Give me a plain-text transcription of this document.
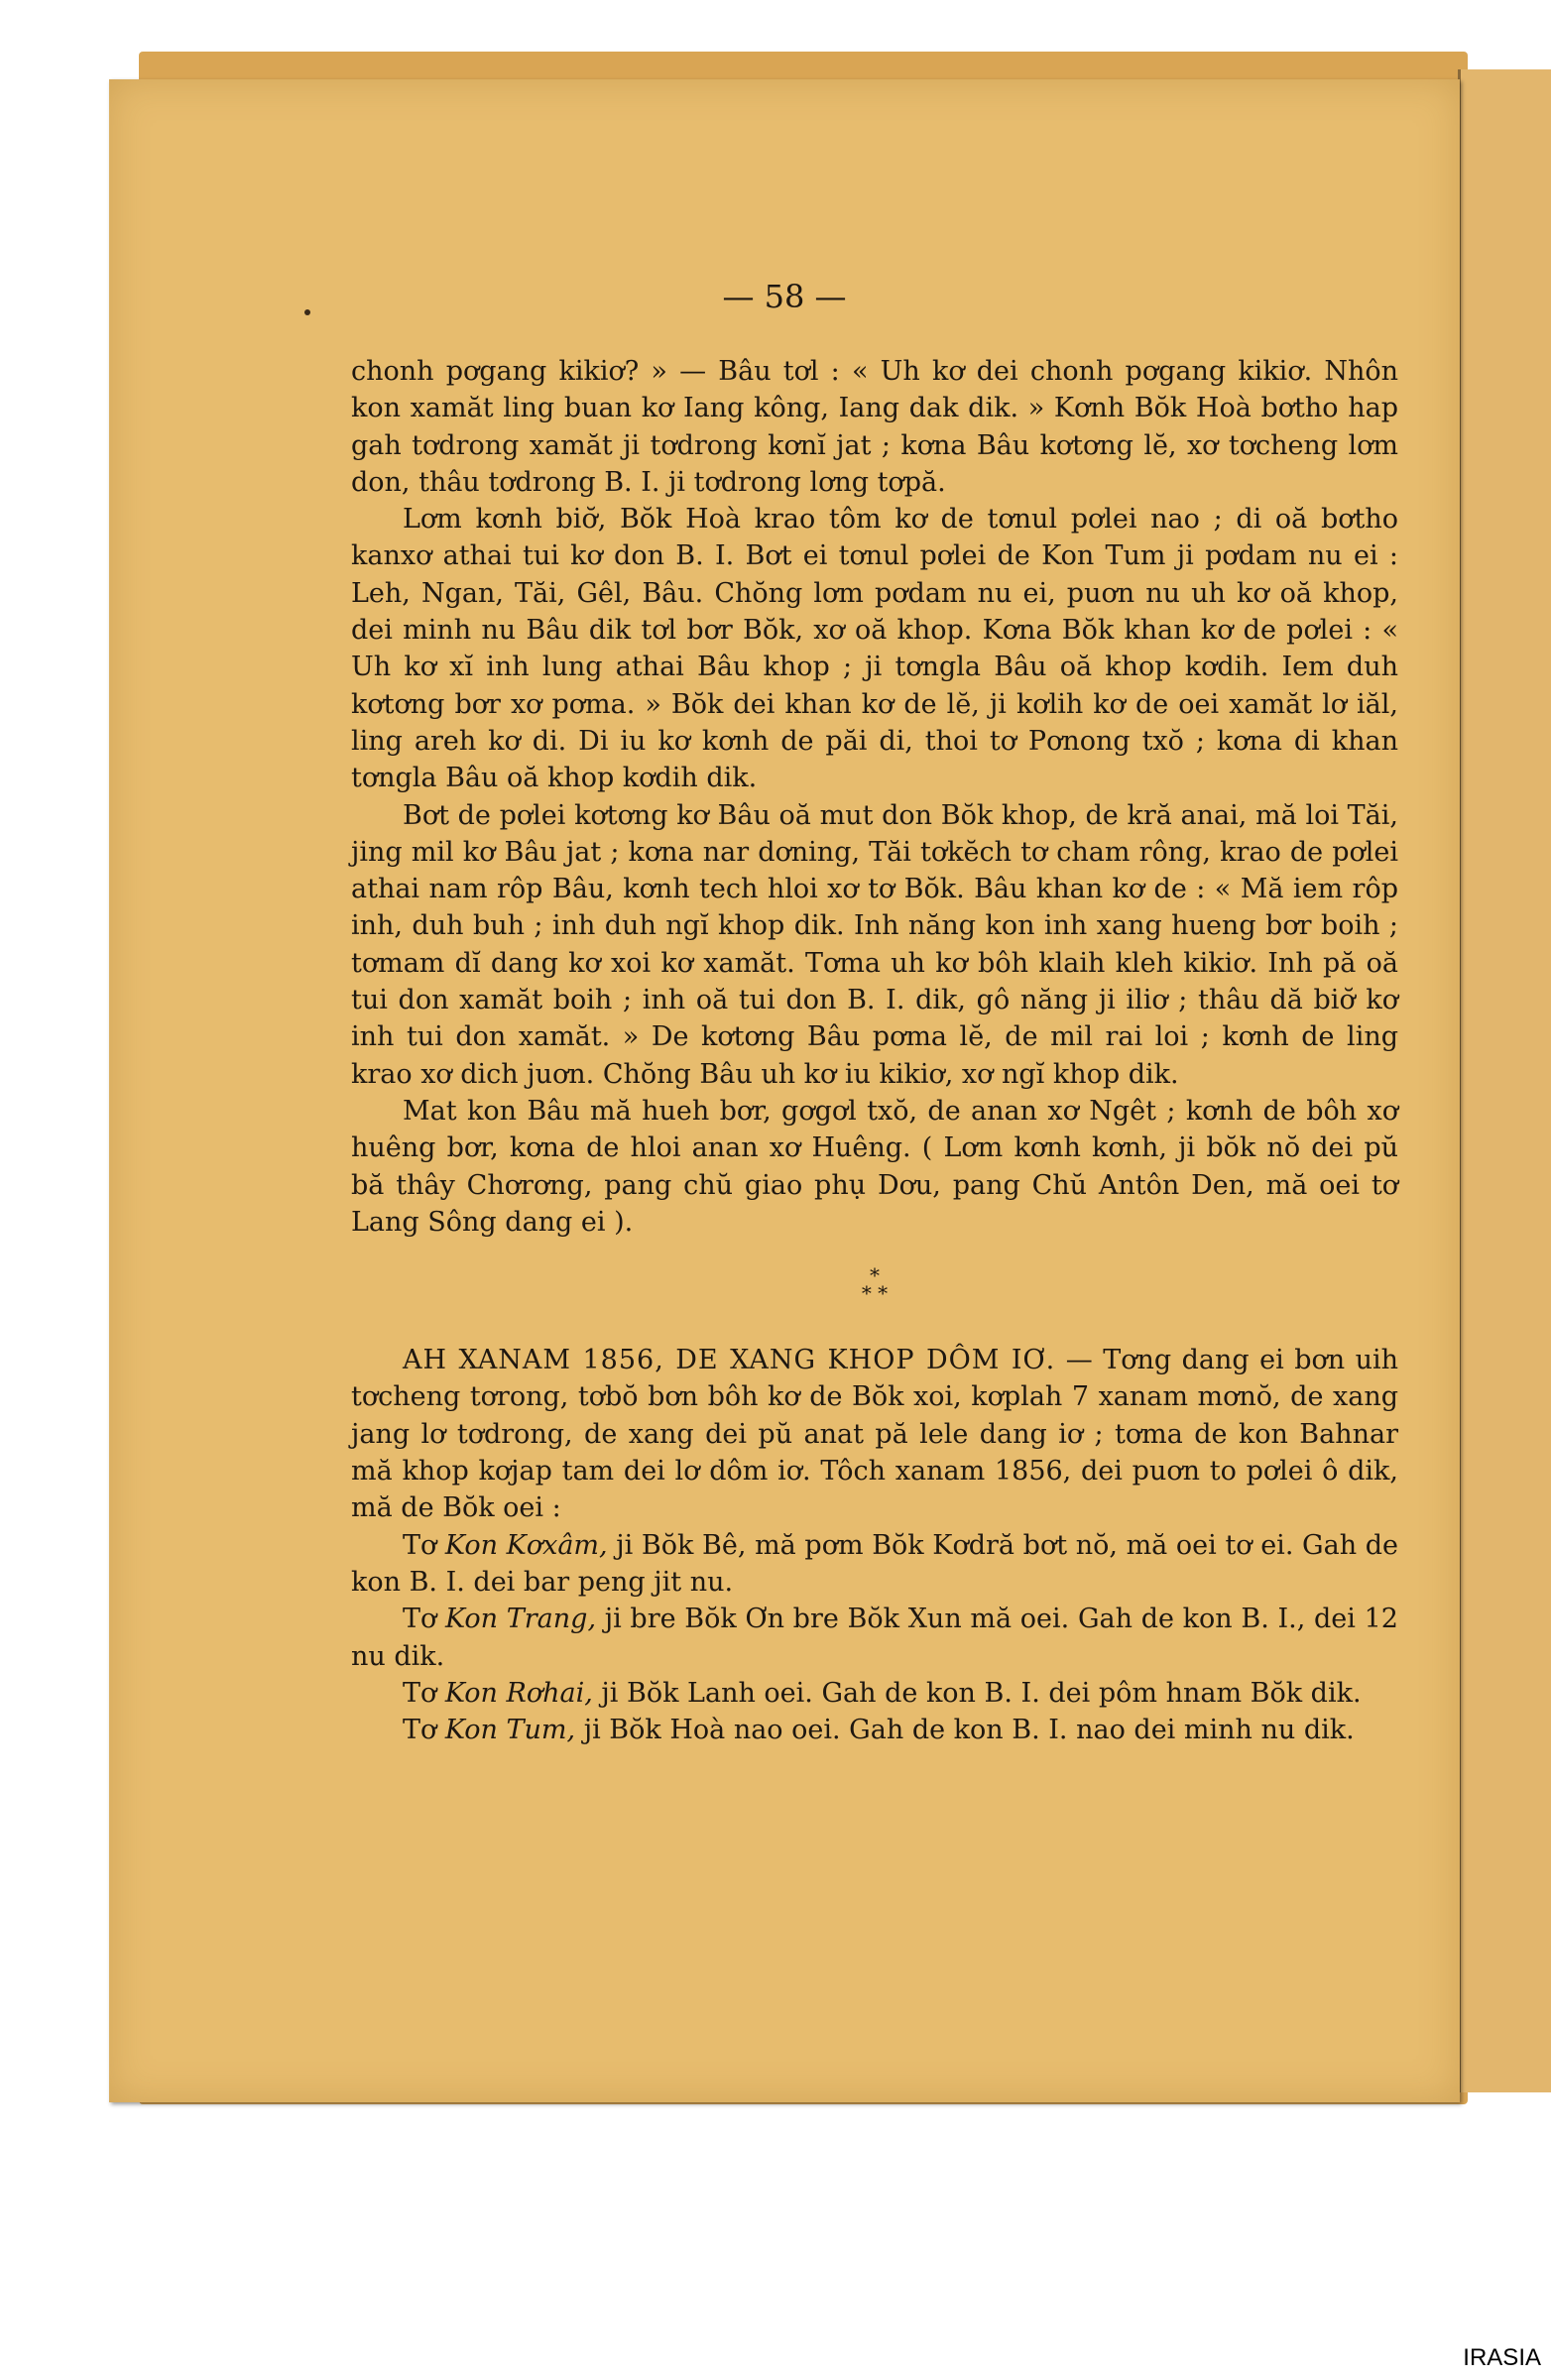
— 58 —

chonh pơgang kikiơ? » — Bâu tơl : « Uh kơ dei chonh pơgang kikiơ. Nhôn kon xamăt ling buan kơ Iang kông, Iang dak dik. » Kơnh Bŏk Hoà bơtho hap gah tơdrong xamăt ji tơdrong kơnĭ jat ; kơna Bâu kơtơng lĕ, xơ tơcheng lơm don, thâu tơdrong B. I. ji tơdrong lơng tơpă.

Lơm kơnh biơ̆, Bŏk Hoà krao tôm kơ de tơnul pơlei nao ; di oă bơtho kanxơ athai tui kơ don B. I. Bơt ei tơnul pơlei de Kon Tum ji pơdam nu ei : Leh, Ngan, Tăi, Gêl, Bâu. Chŏng lơm pơdam nu ei, puơn nu uh kơ oă khop, dei minh nu Bâu dik tơl bơr Bŏk, xơ oă khop. Kơna Bŏk khan kơ de pơlei : « Uh kơ xĭ inh lung athai Bâu khop ; ji tơngla Bâu oă khop kơdih. Iem duh kơtơng bơr xơ pơma. » Bŏk dei khan kơ de lĕ, ji kơlih kơ de oei xamăt lơ iăl, ling areh kơ di. Di iu kơ kơnh de păi di, thoi tơ Pơnong txŏ ; kơna di khan tơngla Bâu oă khop kơdih dik.

Bơt de pơlei kơtơng kơ Bâu oă mut don Bŏk khop, de kră anai, mă loi Tăi, jing mil kơ Bâu jat ; kơna nar dơning, Tăi tơkĕch tơ cham rông, krao de pơlei athai nam rôp Bâu, kơnh tech hloi xơ tơ Bŏk. Bâu khan kơ de : « Mă iem rôp inh, duh buh ; inh duh ngĭ khop dik. Inh năng kon inh xang hueng bơr boih ; tơmam dĭ dang kơ xoi kơ xamăt. Tơma uh kơ bôh klaih kleh kikiơ. Inh pă oă tui don xamăt boih ; inh oă tui don B. I. dik, gô năng ji iliơ ; thâu dă biơ̆ kơ inh tui don xamăt. » De kơtơng Bâu pơma lĕ, de mil rai loi ; kơnh de ling krao xơ dich juơn. Chŏng Bâu uh kơ iu kikiơ, xơ ngĭ khop dik.

Mat kon Bâu mă hueh bơr, gơgơl txŏ, de anan xơ Ngêt ; kơnh de bôh xơ huêng bơr, kơna de hloi anan xơ Huêng. ( Lơm kơnh kơnh, ji bŏk nŏ dei pŭ bă thây Chơrơng, pang chŭ giao phụ Dơu, pang Chŭ Antôn Den, mă oei tơ Lang Sông dang ei ).

*
* *

AH XANAM 1856, DE XANG KHOP DÔM IƠ. — Tơng dang ei bơn uih tơcheng tơrong, tơbŏ bơn bôh kơ de Bŏk xoi, kơplah 7 xanam mơnŏ, de xang jang lơ tơdrong, de xang dei pŭ anat pă lele dang iơ ; tơma de kon Bahnar mă khop kơjap tam dei lơ dôm iơ. Tôch xanam 1856, dei puơn to pơlei ô dik, mă de Bŏk oei :

Tơ Kon Kơxâm, ji Bŏk Bê, mă pơm Bŏk Kơdră bơt nŏ, mă oei tơ ei. Gah de kon B. I. dei bar peng jit nu.

Tơ Kon Trang, ji bre Bŏk Ơn bre Bŏk Xun mă oei. Gah de kon B. I., dei 12 nu dik.

Tơ Kon Rơhai, ji Bŏk Lanh oei. Gah de kon B. I. dei pôm hnam Bŏk dik.

Tơ Kon Tum, ji Bŏk Hoà nao oei. Gah de kon B. I. nao dei minh nu dik.

IRASIA
